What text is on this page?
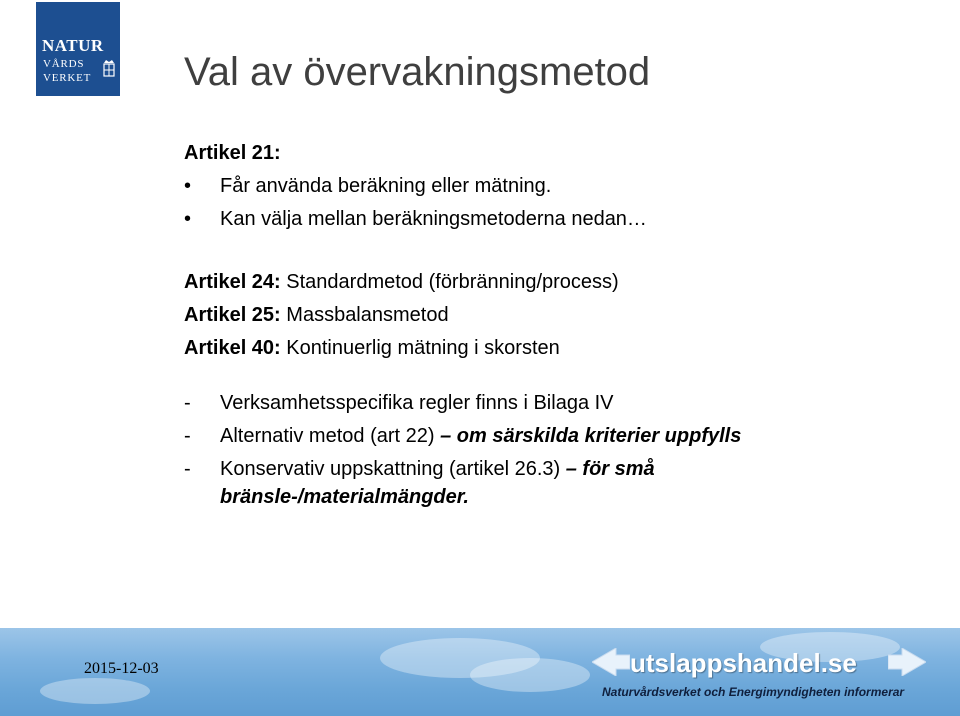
NATUR
VÅRDS
VERKET Val av övervakningsmetod
Artikel 21:
• Får använda beräkning eller mätning.
• Kan välja mellan beräkningsmetoderna nedan…
Artikel 24: Standardmetod (förbränning/process)
Artikel 25: Massbalansmetod
Artikel 40: Kontinuerlig mätning i skorsten
- Verksamhetsspecifika regler finns i Bilaga IV
- Alternativ metod (art 22) – om särskilda kriterier uppfylls
- Konservativ uppskattning (artikel 26.3) – för små bränsle-/materialmängder.
2015-12-03	utslappshandel.se
Naturvårdsverket och Energimyndigheten informerar
